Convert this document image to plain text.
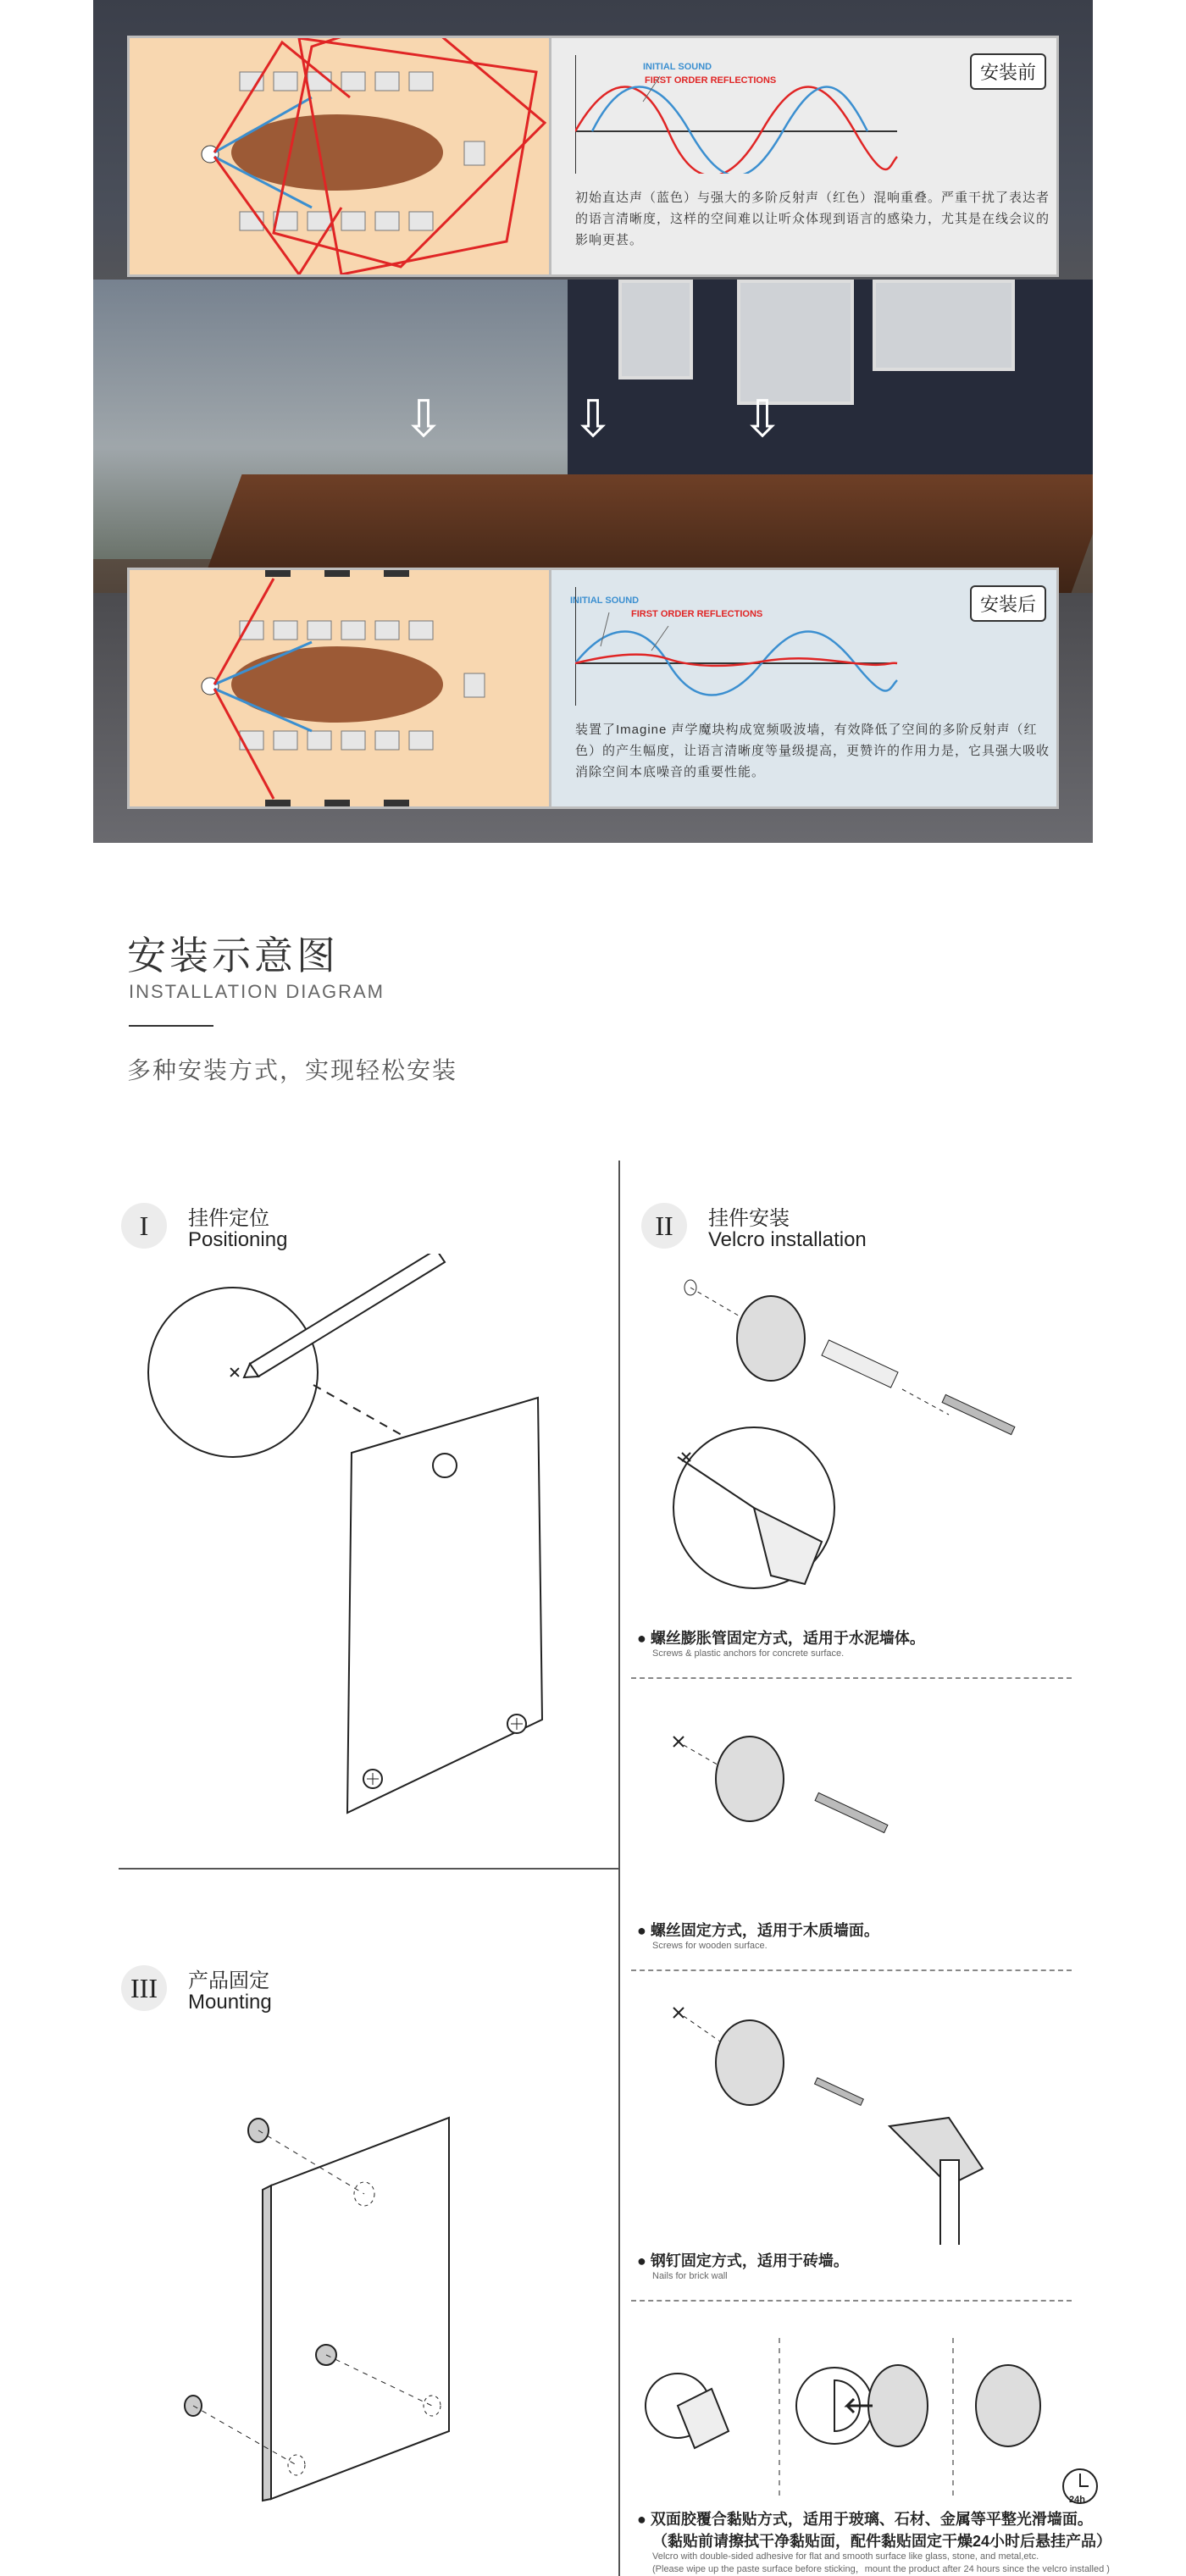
⇩ ⇩ ⇩
INITIAL SOUND
FIRST ORDER REFLECTIONS	安装前
初始直达声（蓝色）与强大的多阶反射声（红色）混响重叠。严重干扰了表达者的语言清晰度，这样的空间难以让听众体现到语言的感染力，尤其是在线会议的影响更甚。
INITIAL SOUND
FIRST ORDER REFLECTIONS	安装后
装置了Imagine 声学魔块构成宽频吸波墙，有效降低了空间的多阶反射声（红色）的产生幅度，让语言清晰度等量级提高，更赞许的作用力是，它具强大吸收消除空间本底噪音的重要性能。
安装示意图
INSTALLATION DIAGRAM
多种安装方式，实现轻松安装
I	挂件定位
Positioning
III	产品固定
Mounting
II	挂件安装
Velcro installation
● 螺丝膨胀管固定方式，适用于水泥墙体。
Screws & plastic anchors for concrete surface.
● 螺丝固定方式，适用于木质墙面。
Screws for wooden surface.
● 钢钉固定方式，适用于砖墙。
Nails for brick wall
24h
● 双面胶覆合黏贴方式，适用于玻璃、石材、金属等平整光滑墙面。
（黏贴前请擦拭干净黏贴面，配件黏贴固定干燥24小时后悬挂产品）
Velcro with double-sided adhesive for flat and smooth surface like glass, stone, and metal,etc.
(Please wipe up the paste surface before sticking，mount the product after 24 hours since the velcro installed )
